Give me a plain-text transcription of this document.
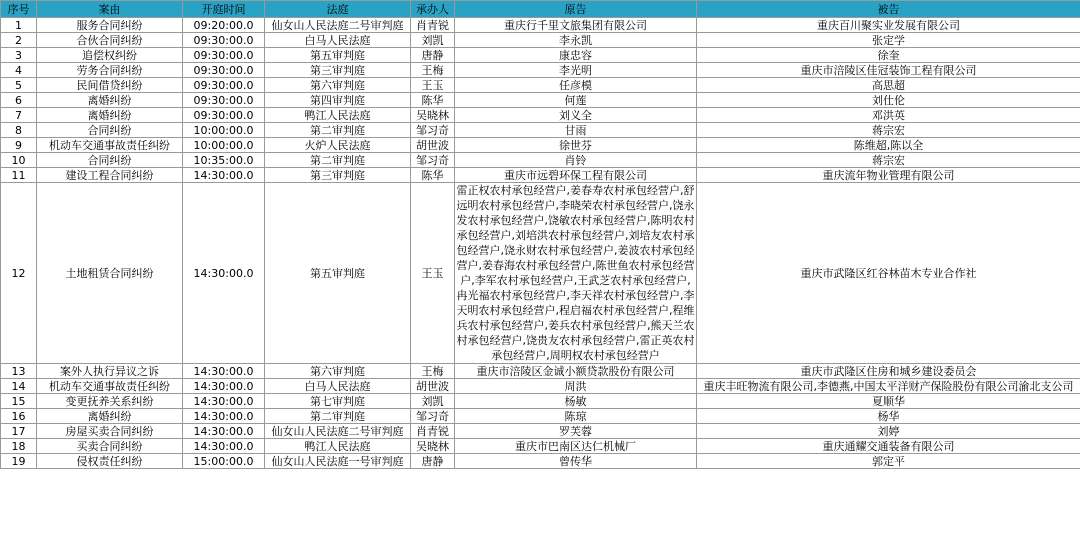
序号	案由	开庭时间	法庭	承办人	原告	被告
1	服务合同纠纷	09:20:00.0	仙女山人民法庭二号审判庭	肖青锐	重庆行千里文旅集团有限公司	重庆百川聚实业发展有限公司
2	合伙合同纠纷	09:30:00.0	白马人民法庭	刘凯	李永凯	张定学
3	追偿权纠纷	09:30:00.0	第五审判庭	唐静	康忠容	徐奎
4	劳务合同纠纷	09:30:00.0	第三审判庭	王梅	李光明	重庆市涪陵区佳冠装饰工程有限公司
5	民间借贷纠纷	09:30:00.0	第六审判庭	王玉	任彦模	高思超
6	离婚纠纷	09:30:00.0	第四审判庭	陈华	何莲	刘仕伦
7	离婚纠纷	09:30:00.0	鸭江人民法庭	吴晓林	刘义全	邓洪英
8	合同纠纷	10:00:00.0	第二审判庭	邹习奇	甘雨	蒋宗宏
9	机动车交通事故责任纠纷	10:00:00.0	火炉人民法庭	胡世波	徐世芬	陈维超,陈以全
10	合同纠纷	10:35:00.0	第二审判庭	邹习奇	肖铃	蒋宗宏
11	建设工程合同纠纷	14:30:00.0	第三审判庭	陈华	重庆市远碧环保工程有限公司	重庆流年物业管理有限公司
12	土地租赁合同纠纷	14:30:00.0	第五审判庭	王玉	雷正权农村承包经营户,姜春寿农村承包经营户,舒远明农村承包经营户,李晓荣农村承包经营户,饶永发农村承包经营户,饶敏农村承包经营户,陈明农村承包经营户,刘培洪农村承包经营户,刘培友农村承包经营户,饶永财农村承包经营户,姜波农村承包经营户,姜春海农村承包经营户,陈世鱼农村承包经营户,李军农村承包经营户,王武芝农村承包经营户,冉光福农村承包经营户,李天祥农村承包经营户,李天明农村承包经营户,程启福农村承包经营户,程维兵农村承包经营户,姜兵农村承包经营户,熊天兰农村承包经营户,饶贵友农村承包经营户,雷正英农村承包经营户,周明权农村承包经营户	重庆市武隆区红谷林苗木专业合作社
13	案外人执行异议之诉	14:30:00.0	第六审判庭	王梅	重庆市涪陵区金诚小额贷款股份有限公司	重庆市武隆区住房和城乡建设委员会
14	机动车交通事故责任纠纷	14:30:00.0	白马人民法庭	胡世波	周洪	重庆丰旺物流有限公司,李德燕,中国太平洋财产保险股份有限公司渝北支公司
15	变更抚养关系纠纷	14:30:00.0	第七审判庭	刘凯	杨敏	夏顺华
16	离婚纠纷	14:30:00.0	第二审判庭	邹习奇	陈琼	杨华
17	房屋买卖合同纠纷	14:30:00.0	仙女山人民法庭二号审判庭	肖青锐	罗芙蓉	刘婷
18	买卖合同纠纷	14:30:00.0	鸭江人民法庭	吴晓林	重庆市巴南区达仁机械厂	重庆通耀交通装备有限公司
19	侵权责任纠纷	15:00:00.0	仙女山人民法庭一号审判庭	唐静	曾传华	郭定平
